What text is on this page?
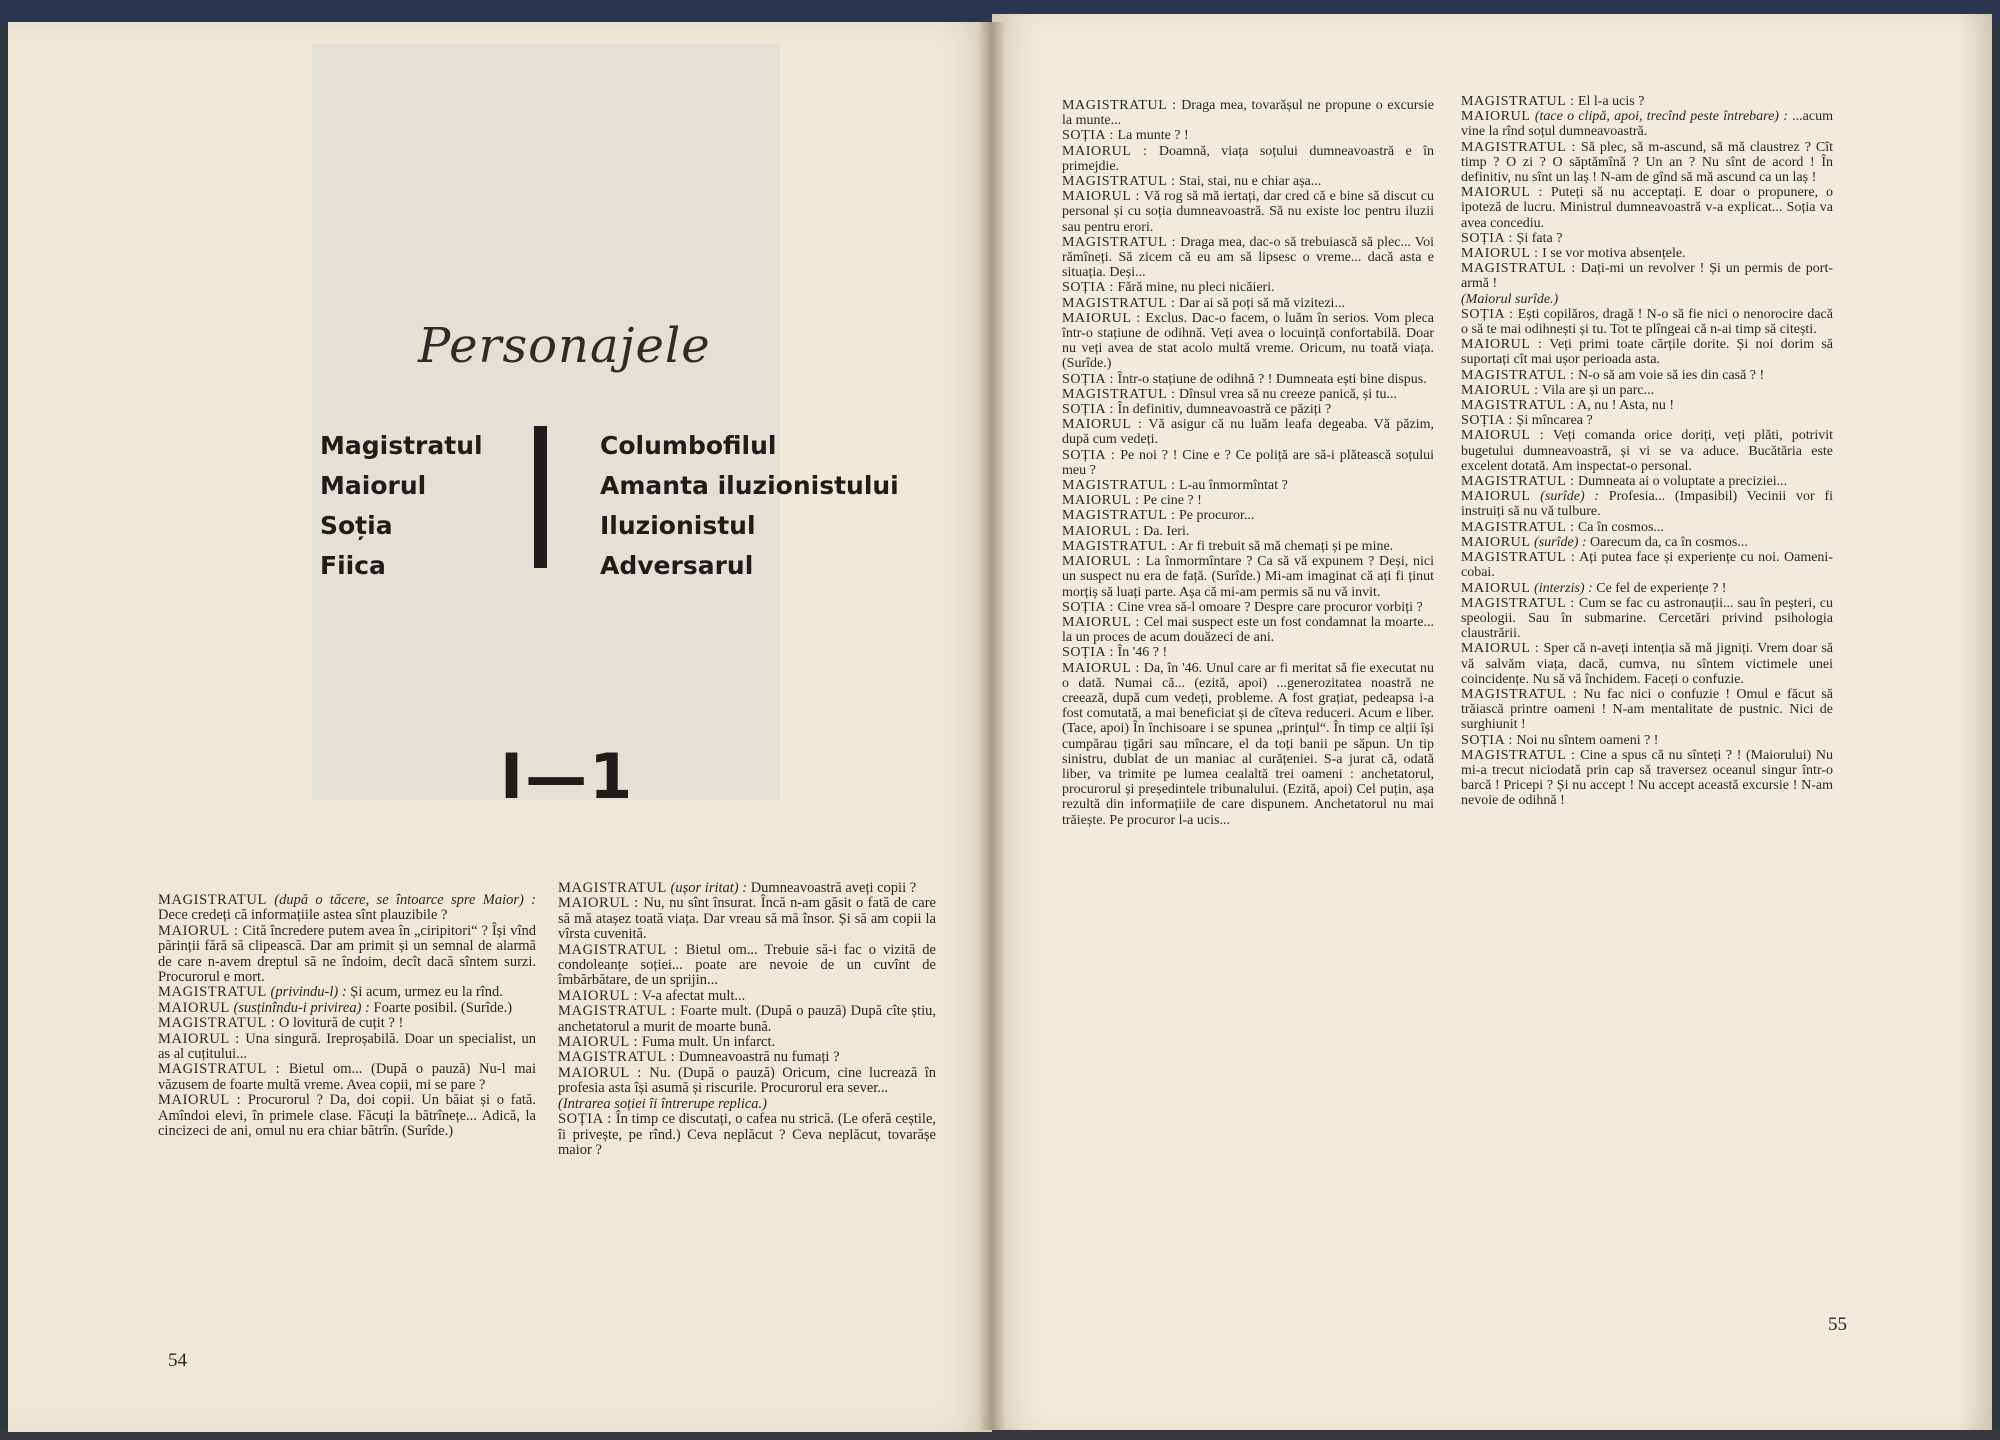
Personajele
Magistratul
Maiorul
Soția
Fiica
Columbofilul
Amanta iluzionistului
Iluzionistul
Adversarul
I—1

MAGISTRATUL (după o tăcere, se întoarce spre Maior) : Dece credeți că informațiile astea sînt plauzibile ?

MAIORUL : Cită încredere putem avea în „ciripitori“ ? Își vînd părinții fără să clipească. Dar am primit și un semnal de alarmă de care n-avem dreptul să ne îndoim, decît dacă sîntem surzi. Procurorul e mort.

MAGISTRATUL (privindu-l) : Și acum, urmez eu la rînd.

MAIORUL (susținîndu-i privirea) : Foarte posibil. (Surîde.)

MAGISTRATUL : O lovitură de cuțit ? !

MAIORUL : Una singură. Ireproșabilă. Doar un specialist, un as al cuțitului...

MAGISTRATUL : Bietul om... (După o pauză) Nu-l mai văzusem de foarte multă vreme. Avea copii, mi se pare ?

MAIORUL : Procurorul ? Da, doi copii. Un băiat și o fată. Amîndoi elevi, în primele clase. Făcuți la bătrînețe... Adică, la cincizeci de ani, omul nu era chiar bătrîn. (Surîde.)

MAGISTRATUL (ușor iritat) : Dumneavoastră aveți copii ?

MAIORUL : Nu, nu sînt însurat. Încă n-am găsit o fată de care să mă atașez toată viața. Dar vreau să mă însor. Și să am copii la vîrsta cuvenită.

MAGISTRATUL : Bietul om... Trebuie să-i fac o vizită de condoleanțe soției... poate are nevoie de un cuvînt de îmbărbătare, de un sprijin...

MAIORUL : V-a afectat mult...

MAGISTRATUL : Foarte mult. (După o pauză) După cîte știu, anchetatorul a murit de moarte bună.

MAIORUL : Fuma mult. Un infarct.

MAGISTRATUL : Dumneavoastră nu fumați ?

MAIORUL : Nu. (După o pauză) Oricum, cine lucrează în profesia asta își asumă și riscurile. Procurorul era sever...

(Intrarea soției îi întrerupe replica.)

SOȚIA : În timp ce discutați, o cafea nu strică. (Le oferă ceștile, îi privește, pe rînd.) Ceva neplăcut ? Ceva neplăcut, tovarășe maior ?

MAGISTRATUL : Draga mea, tovarășul ne propune o excursie la munte...

SOȚIA : La munte ? !

MAIORUL : Doamnă, viața soțului dumneavoastră e în primejdie.

MAGISTRATUL : Stai, stai, nu e chiar așa...

MAIORUL : Vă rog să mă iertați, dar cred că e bine să discut cu personal și cu soția dumneavoastră. Să nu existe loc pentru iluzii sau pentru erori.

MAGISTRATUL : Draga mea, dac-o să trebuiască să plec... Voi rămîneți. Să zicem că eu am să lipsesc o vreme... dacă asta e situația. Deși...

SOȚIA : Fără mine, nu pleci nicăieri.

MAGISTRATUL : Dar ai să poți să mă vizitezi...

MAIORUL : Exclus. Dac-o facem, o luăm în serios. Vom pleca într-o stațiune de odihnă. Veți avea o locuință confortabilă. Doar nu veți avea de stat acolo multă vreme. Oricum, nu toată viața. (Surîde.)

SOȚIA : Într-o stațiune de odihnă ? ! Dumneata ești bine dispus.

MAGISTRATUL : Dînsul vrea să nu creeze panică, și tu...

SOȚIA : În definitiv, dumneavoastră ce păziți ?

MAIORUL : Vă asigur că nu luăm leafa degeaba. Vă păzim, după cum vedeți.

SOȚIA : Pe noi ? ! Cine e ? Ce poliță are să-i plătească soțului meu ?

MAGISTRATUL : L-au înmormîntat ?

MAIORUL : Pe cine ? !

MAGISTRATUL : Pe procuror...

MAIORUL : Da. Ieri.

MAGISTRATUL : Ar fi trebuit să mă chemați și pe mine.

MAIORUL : La înmormîntare ? Ca să vă expunem ? Deși, nici un suspect nu era de față. (Surîde.) Mi-am imaginat că ați fi ținut morțiș să luați parte. Așa că mi-am permis să nu vă invit.

SOȚIA : Cine vrea să-l omoare ? Despre care procuror vorbiți ?

MAIORUL : Cel mai suspect este un fost condamnat la moarte... la un proces de acum douăzeci de ani.

SOȚIA : În '46 ? !

MAIORUL : Da, în '46. Unul care ar fi meritat să fie executat nu o dată. Numai că... (ezită, apoi) ...generozitatea noastră ne creează, după cum vedeți, probleme. A fost grațiat, pedeapsa i-a fost comutată, a mai beneficiat și de cîteva reduceri. Acum e liber. (Tace, apoi) În închisoare i se spunea „prințul“. În timp ce alții își cumpărau țigări sau mîncare, el da toți banii pe săpun. Un tip sinistru, dublat de un maniac al curățeniei. S-a jurat că, odată liber, va trimite pe lumea cealaltă trei oameni : anchetatorul, procurorul și președintele tribunalului. (Ezită, apoi) Cel puțin, așa rezultă din informațiile de care dispunem. Anchetatorul nu mai trăiește. Pe procuror l-a ucis...

MAGISTRATUL : El l-a ucis ?

MAIORUL (tace o clipă, apoi, trecînd peste întrebare) : ...acum vine la rînd soțul dumneavoastră.

MAGISTRATUL : Să plec, să m-ascund, să mă claustrez ? Cît timp ? O zi ? O săptămînă ? Un an ? Nu sînt de acord ! În definitiv, nu sînt un laș ! N-am de gînd să mă ascund ca un laș !

MAIORUL : Puteți să nu acceptați. E doar o propunere, o ipoteză de lucru. Ministrul dumneavoastră v-a explicat... Soția va avea concediu.

SOȚIA : Și fata ?

MAIORUL : I se vor motiva absențele.

MAGISTRATUL : Dați-mi un revolver ! Și un permis de port-armă !

(Maiorul surîde.)

SOȚIA : Ești copilăros, dragă ! N-o să fie nici o nenorocire dacă o să te mai odihnești și tu. Tot te plîngeai că n-ai timp să citești.

MAIORUL : Veți primi toate cărțile dorite. Și noi dorim să suportați cît mai ușor perioada asta.

MAGISTRATUL : N-o să am voie să ies din casă ? !

MAIORUL : Vila are și un parc...

MAGISTRATUL : A, nu ! Asta, nu !

SOȚIA : Și mîncarea ?

MAIORUL : Veți comanda orice doriți, veți plăti, potrivit bugetului dumneavoastră, și vi se va aduce. Bucătăria este excelent dotată. Am inspectat-o personal.

MAGISTRATUL : Dumneata ai o voluptate a preciziei...

MAIORUL (surîde) : Profesia... (Impasibil) Vecinii vor fi instruiți să nu vă tulbure.

MAGISTRATUL : Ca în cosmos...

MAIORUL (surîde) : Oarecum da, ca în cosmos...

MAGISTRATUL : Ați putea face și experiențe cu noi. Oameni-cobai.

MAIORUL (interzis) : Ce fel de experiențe ? !

MAGISTRATUL : Cum se fac cu astronauții... sau în peșteri, cu speologii. Sau în submarine. Cercetări privind psihologia claustrării.

MAIORUL : Sper că n-aveți intenția să mă jigniți. Vrem doar să vă salvăm viața, dacă, cumva, nu sîntem victimele unei coincidențe. Nu să vă închidem. Faceți o confuzie.

MAGISTRATUL : Nu fac nici o confuzie ! Omul e făcut să trăiască printre oameni ! N-am mentalitate de pustnic. Nici de surghiunit !

SOȚIA : Noi nu sîntem oameni ? !

MAGISTRATUL : Cine a spus că nu sînteți ? ! (Maiorului) Nu mi-a trecut niciodată prin cap să traversez oceanul singur într-o barcă ! Pricepi ? Și nu accept ! Nu accept această excursie ! N-am nevoie de odihnă !

54
55
